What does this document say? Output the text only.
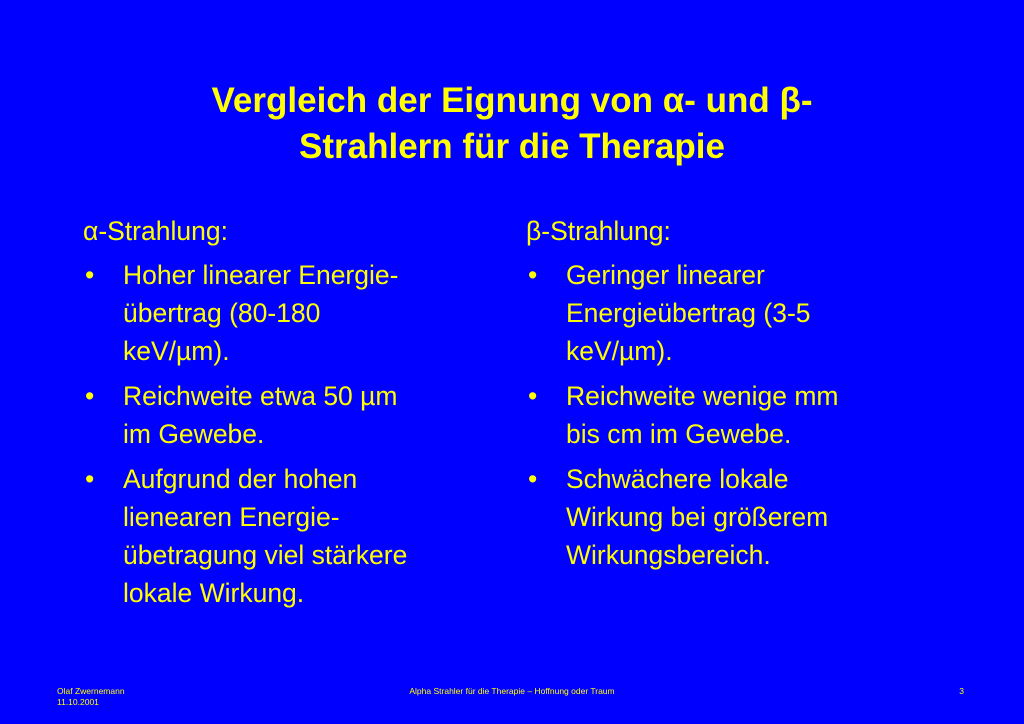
Vergleich der Eignung von α- und β-
Strahlern für die Therapie
α-Strahlung:
• Hoher linearer Energie-
übertrag (80-180
keV/µm).
• Reichweite etwa 50 µm
im Gewebe.
• Aufgrund der hohen
lienearen Energie-
übetragung viel stärkere
lokale Wirkung.
β-Strahlung:
• Geringer linearer
Energieübertrag (3-5
keV/µm).
• Reichweite wenige mm
bis cm im Gewebe.
• Schwächere lokale
Wirkung bei größerem
Wirkungsbereich.
Olaf Zwernemann
11.10.2001
Alpha Strahler für die Therapie – Hoffnung oder Traum	3
